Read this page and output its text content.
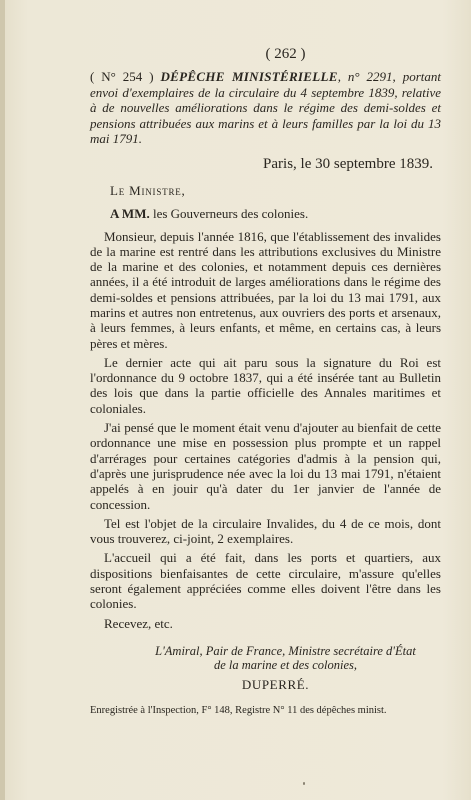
( 262 )

( N° 254 ) DÉPÊCHE MINISTÉRIELLE, n° 2291, portant envoi d'exemplaires de la circulaire du 4 septembre 1839, relative à de nouvelles améliorations dans le régime des demi-soldes et pensions attribuées aux marins et à leurs familles par la loi du 13 mai 1791.

Paris, le 30 septembre 1839.
Le Ministre,
A MM. les Gouverneurs des colonies.

Monsieur, depuis l'année 1816, que l'établissement des invalides de la marine est rentré dans les attributions exclusives du Ministre de la marine et des colonies, et notamment depuis ces dernières années, il a été introduit de larges améliorations dans le régime des demi-soldes et pensions attribuées, par la loi du 13 mai 1791, aux marins et autres non entretenus, aux ouvriers des ports et arsenaux, à leurs femmes, à leurs enfants, et même, en certains cas, à leurs pères et mères.

Le dernier acte qui ait paru sous la signature du Roi est l'ordonnance du 9 octobre 1837, qui a été insérée tant au Bulletin des lois que dans la partie officielle des Annales maritimes et coloniales.

J'ai pensé que le moment était venu d'ajouter au bienfait de cette ordonnance une mise en possession plus prompte et un rappel d'arrérages pour certaines catégories d'admis à la pension qui, d'après une jurisprudence née avec la loi du 13 mai 1791, n'étaient appelés à en jouir qu'à dater du 1er janvier de l'année de concession.

Tel est l'objet de la circulaire Invalides, du 4 de ce mois, dont vous trouverez, ci-joint, 2 exemplaires.

L'accueil qui a été fait, dans les ports et quartiers, aux dispositions bienfaisantes de cette circulaire, m'assure qu'elles seront également appréciées comme elles doivent l'être dans les colonies.

Recevez, etc.

L'Amiral, Pair de France, Ministre secrétaire d'État
de la marine et des colonies,
DUPERRÉ.
Enregistrée à l'Inspection, F° 148, Registre N° 11 des dépêches minist.
